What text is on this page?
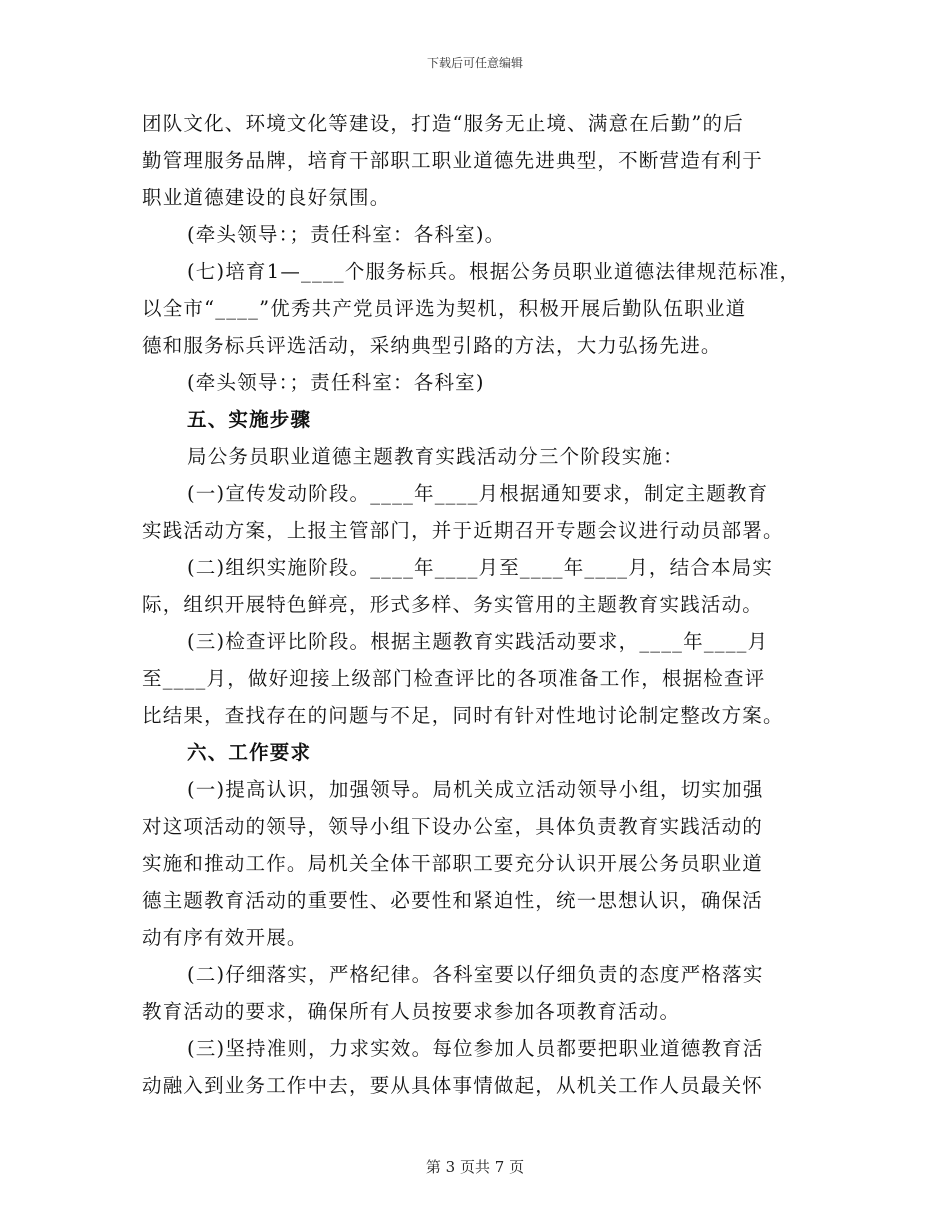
下载后可任意编辑
团队文化、环境文化等建设，打造“服务无止境、满意在后勤”的后
勤管理服务品牌，培育干部职工职业道德先进典型，不断营造有利于
职业道德建设的良好氛围。
(牵头领导：；责任科室：各科室)。
(七)培育1—____个服务标兵。根据公务员职业道德法律规范标准，
以全市“____”优秀共产党员评选为契机，积极开展后勤队伍职业道
德和服务标兵评选活动，采纳典型引路的方法，大力弘扬先进。
(牵头领导：；责任科室：各科室)
五、实施步骤
局公务员职业道德主题教育实践活动分三个阶段实施：
(一)宣传发动阶段。____年____月根据通知要求，制定主题教育
实践活动方案，上报主管部门，并于近期召开专题会议进行动员部署。
(二)组织实施阶段。____年____月至____年____月，结合本局实
际，组织开展特色鲜亮，形式多样、务实管用的主题教育实践活动。
(三)检查评比阶段。根据主题教育实践活动要求，____年____月
至____月，做好迎接上级部门检查评比的各项准备工作，根据检查评
比结果，查找存在的问题与不足，同时有针对性地讨论制定整改方案。
六、工作要求
(一)提高认识，加强领导。局机关成立活动领导小组，切实加强
对这项活动的领导，领导小组下设办公室，具体负责教育实践活动的
实施和推动工作。局机关全体干部职工要充分认识开展公务员职业道
德主题教育活动的重要性、必要性和紧迫性，统一思想认识，确保活
动有序有效开展。
(二)仔细落实，严格纪律。各科室要以仔细负责的态度严格落实
教育活动的要求，确保所有人员按要求参加各项教育活动。
(三)坚持准则，力求实效。每位参加人员都要把职业道德教育活
动融入到业务工作中去，要从具体事情做起，从机关工作人员最关怀
第 3 页共 7 页
